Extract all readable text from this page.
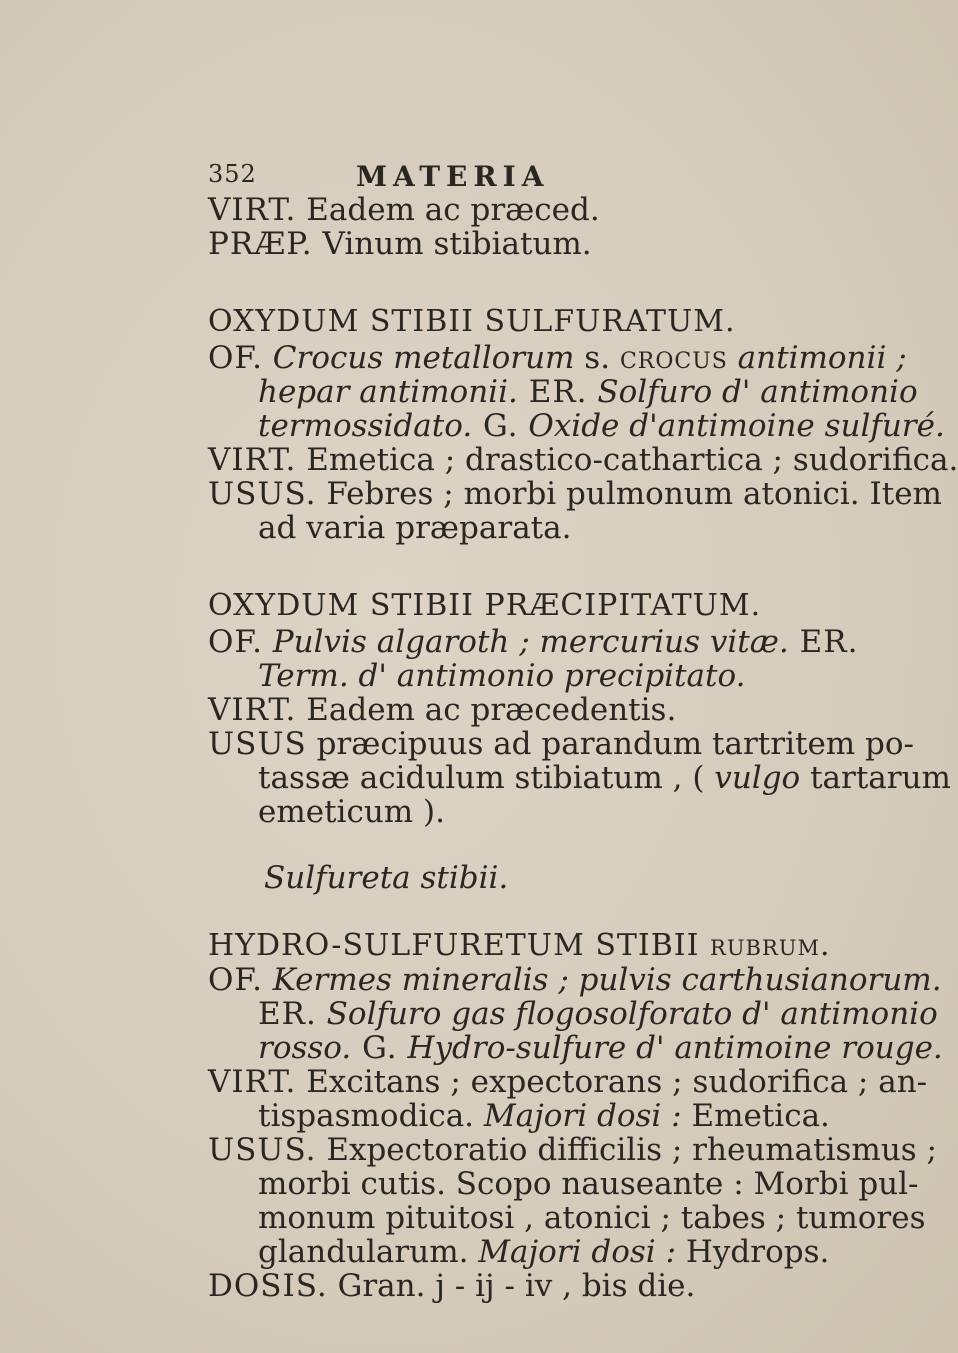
352	MATERIA
VIRT. Eadem ac præced.
PRÆP. Vinum stibiatum.
OXYDUM STIBII SULFURATUM.
OF. Crocus metallorum s. crocus antimonii ;
hepar antimonii. ER. Solfuro d' antimonio
termossidato. G. Oxide d'antimoine sulfuré.
VIRT. Emetica ; drastico-cathartica ; sudorifica.
USUS. Febres ; morbi pulmonum atonici. Item
ad varia præparata.
OXYDUM STIBII PRÆCIPITATUM.
OF. Pulvis algaroth ; mercurius vitæ. ER.
Term. d' antimonio precipitato.
VIRT. Eadem ac præcedentis.
USUS præcipuus ad parandum tartritem po-
tassæ acidulum stibiatum , ( vulgo tartarum
emeticum ).
Sulfureta stibii.
HYDRO-SULFURETUM STIBII rubrum.
OF. Kermes mineralis ; pulvis carthusianorum.
ER. Solfuro gas flogosolforato d' antimonio
rosso. G. Hydro-sulfure d' antimoine rouge.
VIRT. Excitans ; expectorans ; sudorifica ; an-
tispasmodica. Majori dosi : Emetica.
USUS. Expectoratio difficilis ; rheumatismus ;
morbi cutis. Scopo nauseante : Morbi pul-
monum pituitosi , atonici ; tabes ; tumores
glandularum. Majori dosi : Hydrops.
DOSIS. Gran. j - ij - iv , bis die.
